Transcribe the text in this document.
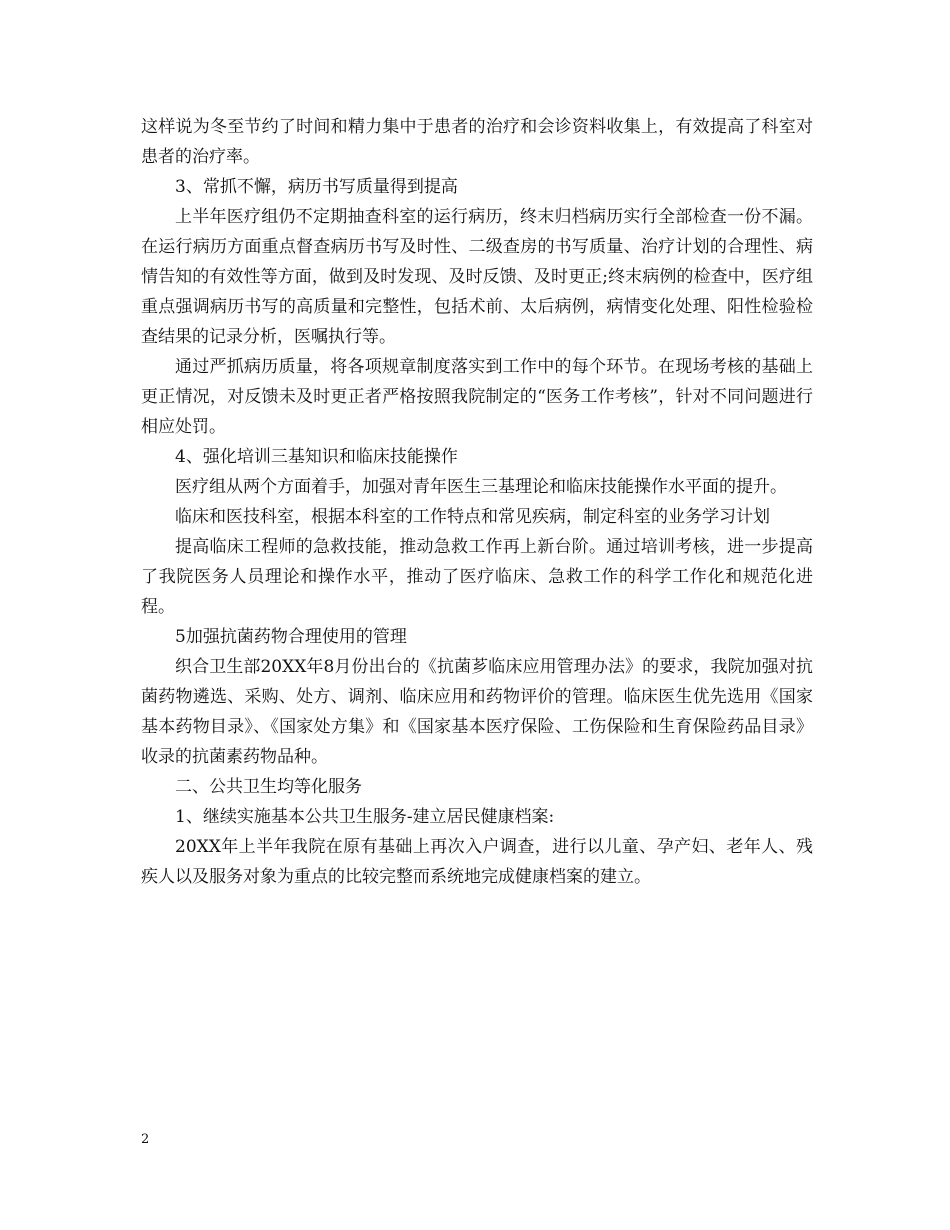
这样说为冬至节约了时间和精力集中于患者的治疗和会诊资料收集上，有效提高了科室对患者的治疗率。

3、常抓不懈，病历书写质量得到提高

上半年医疗组仍不定期抽查科室的运行病历，终末归档病历实行全部检查一份不漏。在运行病历方面重点督查病历书写及时性、二级查房的书写质量、治疗计划的合理性、病情告知的有效性等方面，做到及时发现、及时反馈、及时更正;终末病例的检查中，医疗组重点强调病历书写的高质量和完整性，包括术前、太后病例，病情变化处理、阳性检验检查结果的记录分析，医嘱执行等。

通过严抓病历质量，将各项规章制度落实到工作中的每个环节。在现场考核的基础上更正情况，对反馈未及时更正者严格按照我院制定的“医务工作考核”，针对不同问题进行相应处罚。

4、强化培训三基知识和临床技能操作

医疗组从两个方面着手，加强对青年医生三基理论和临床技能操作水平面的提升。

临床和医技科室，根据本科室的工作特点和常见疾病，制定科室的业务学习计划

提高临床工程师的急救技能，推动急救工作再上新台阶。通过培训考核，进一步提高了我院医务人员理论和操作水平，推动了医疗临床、急救工作的科学工作化和规范化进程。

5加强抗菌药物合理使用的管理

织合卫生部20XX年8月份出台的《抗菌芗临床应用管理办法》的要求，我院加强对抗菌药物遴选、采购、处方、调剂、临床应用和药物评价的管理。临床医生优先选用《国家基本药物目录》、《国家处方集》和《国家基本医疗保险、工伤保险和生育保险药品目录》收录的抗菌素药物品种。

二、公共卫生均等化服务

1、继续实施基本公共卫生服务-建立居民健康档案:

20XX年上半年我院在原有基础上再次入户调查，进行以儿童、孕产妇、老年人、残疾人以及服务对象为重点的比较完整而系统地完成健康档案的建立。

2
